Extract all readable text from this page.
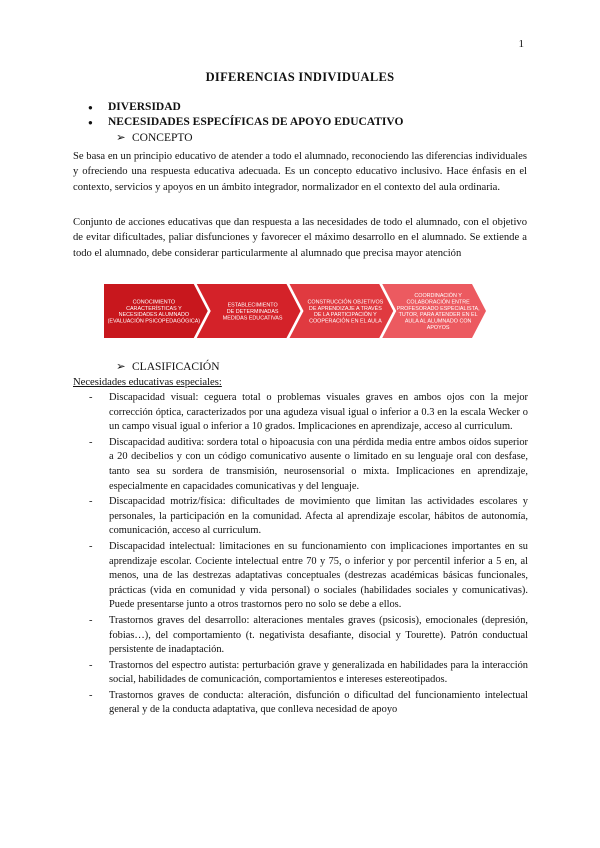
1
DIFERENCIAS INDIVIDUALES
● DIVERSIDAD
● NECESIDADES ESPECÍFICAS DE APOYO EDUCATIVO
➢ CONCEPTO

Se basa en un principio educativo de atender a todo el alumnado, reconociendo las diferencias individuales y ofreciendo una respuesta educativa adecuada. Es un concepto educativo inclusivo. Hace énfasis en el contexto, servicios y apoyos en un ámbito integrador, normalizador en el contexto del aula ordinaria.

Conjunto de acciones educativas que dan respuesta a las necesidades de todo el alumnado, con el objetivo de evitar dificultades, paliar disfunciones y favorecer el máximo desarrollo en el alumnado. Se extiende a todo el alumnado, debe considerar particularmente al alumnado que precisa mayor atención

CONOCIMIENTO CARACTERÍSTICAS Y NECESIDADES ALUMNADO (EVALUACIÓN PSICOPEDAGÓGICA)
ESTABLECIMIENTO DE DETERMINADAS MEDIDAS EDUCATIVAS
CONSTRUCCIÓN OBJETIVOS DE APRENDIZAJE A TRAVÉS DE LA PARTICIPACIÓN Y COOPERACIÓN EN EL AULA
COORDINACIÓN Y COLABORACIÓN ENTRE PROFESORADO ESPECIALISTA, TUTOR, PARA ATENDER EN EL AULA AL ALUMNADO CON APOYOS
➢ CLASIFICACIÓN
Necesidades educativas especiales:
- Discapacidad visual: ceguera total o problemas visuales graves en ambos ojos con la mejor corrección óptica, caracterizados por una agudeza visual igual o inferior a 0.3 en la escala Wecker o un campo visual igual o inferior a 10 grados. Implicaciones en aprendizaje, acceso al curriculum.
- Discapacidad auditiva: sordera total o hipoacusia con una pérdida media entre ambos oídos superior a 20 decibelios y con un código comunicativo ausente o limitado en su lenguaje oral con desfase, tanto sea su sordera de transmisión, neurosensorial o mixta. Implicaciones en aprendizaje, especialmente en capacidades comunicativas y del lenguaje.
- Discapacidad motriz/física: dificultades de movimiento que limitan las actividades escolares y personales, la participación en la comunidad. Afecta al aprendizaje escolar, hábitos de autonomía, comunicación, acceso al curriculum.
- Discapacidad intelectual: limitaciones en su funcionamiento con implicaciones importantes en su aprendizaje escolar. Cociente intelectual entre 70 y 75, o inferior y por percentil inferior a 5 en, al menos, una de las destrezas adaptativas conceptuales (destrezas académicas básicas funcionales, prácticas (vida en comunidad y vida personal) o sociales (habilidades sociales y comunicativas). Puede presentarse junto a otros trastornos pero no solo se debe a ellos.
- Trastornos graves del desarrollo: alteraciones mentales graves (psicosis), emocionales (depresión, fobias…), del comportamiento (t. negativista desafiante, disocial y Tourette). Patrón conductual persistente de inadaptación.
- Trastornos del espectro autista: perturbación grave y generalizada en habilidades para la interacción social, habilidades de comunicación, comportamientos e intereses estereotipados.
- Trastornos graves de conducta: alteración, disfunción o dificultad del funcionamiento intelectual general y de la conducta adaptativa, que conlleva necesidad de apoyo
